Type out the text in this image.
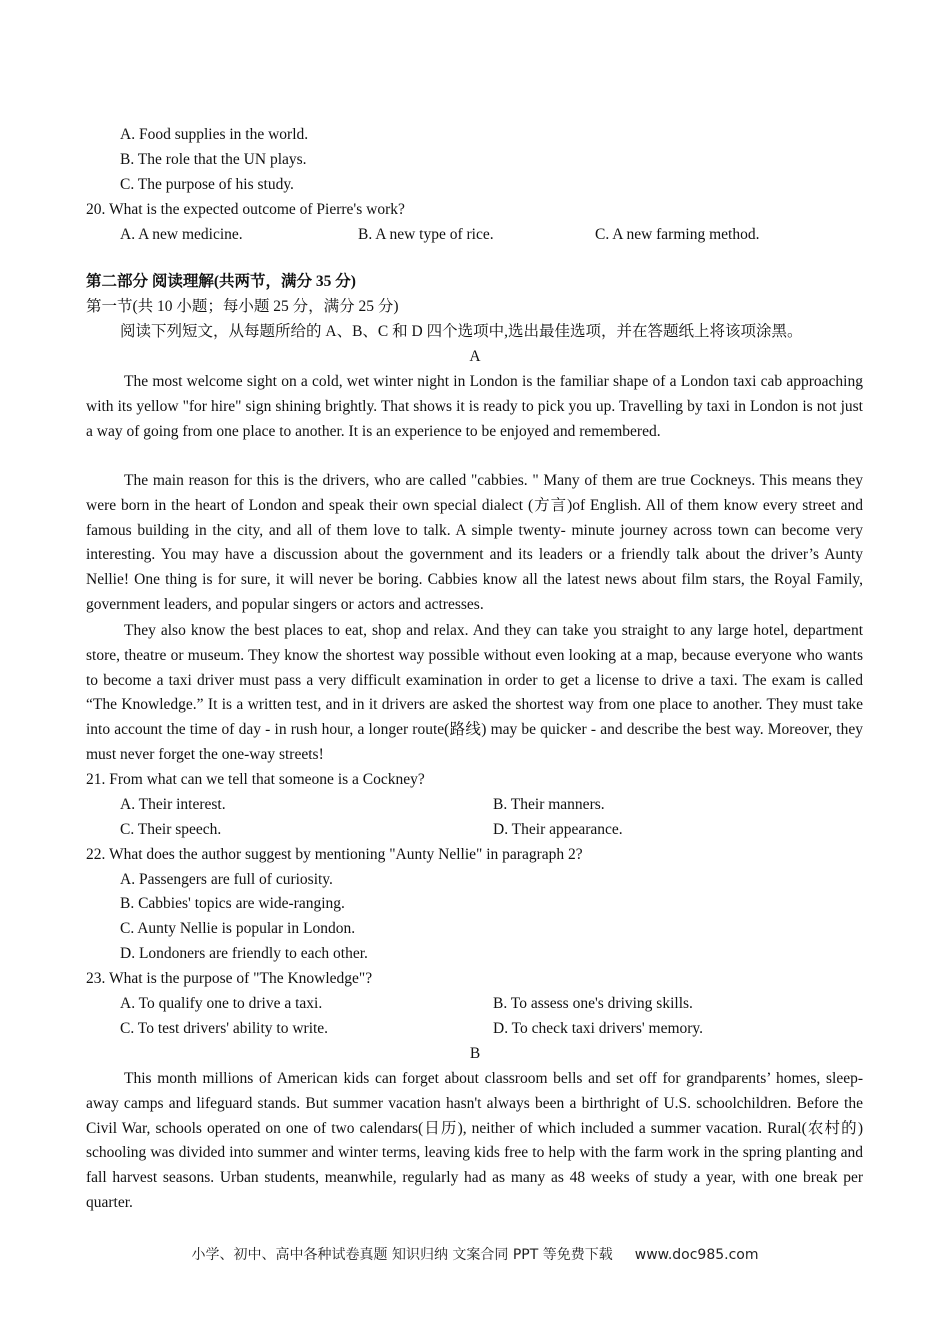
A. Food supplies in the world.
B. The role that the UN plays.
C. The purpose of his study.
20. What is the expected outcome of Pierre's work?
A. A new medicine.	B. A new type of rice.	C. A new farming method.
第二部分 阅读理解(共两节，满分 35 分)
第一节(共 10 小题；每小题 25 分，满分 25 分)
阅读下列短文，从每题所给的 A、B、C 和 D 四个选项中,选出最佳选项，并在答题纸上将该项涂黑。
A

The most welcome sight on a cold, wet winter night in London is the familiar shape of a London taxi cab approaching with its yellow "for hire" sign shining brightly. That shows it is ready to pick you up. Travelling by taxi in London is not just a way of going from one place to another. It is an experience to be enjoyed and remembered.

The main reason for this is the drivers, who are called "cabbies. " Many of them are true Cockneys. This means they were born in the heart of London and speak their own special dialect (方言)of English. All of them know every street and famous building in the city, and all of them love to talk. A simple twenty- minute journey across town can become very interesting. You may have a discussion about the government and its leaders or a friendly talk about the driver’s Aunty Nellie! One thing is for sure, it will never be boring. Cabbies know all the latest news about film stars, the Royal Family, government leaders, and popular singers or actors and actresses.

They also know the best places to eat, shop and relax. And they can take you straight to any large hotel, department store, theatre or museum. They know the shortest way possible without even looking at a map, because everyone who wants to become a taxi driver must pass a very difficult examination in order to get a license to drive a taxi. The exam is called “The Knowledge.” It is a written test, and in it drivers are asked the shortest way from one place to another. They must take into account the time of day - in rush hour, a longer route(路线) may be quicker - and describe the best way. Moreover, they must never forget the one-way streets!

21. From what can we tell that someone is a Cockney?
A. Their interest.	B. Their manners.
C. Their speech.	D. Their appearance.
22. What does the author suggest by mentioning "Aunty Nellie" in paragraph 2?
A. Passengers are full of curiosity.
B. Cabbies' topics are wide-ranging.
C. Aunty Nellie is popular in London.
D. Londoners are friendly to each other.
23. What is the purpose of "The Knowledge"?
A. To qualify one to drive a taxi.	B. To assess one's driving skills.
C. To test drivers' ability to write.	D. To check taxi drivers' memory.
B

This month millions of American kids can forget about classroom bells and set off for grandparents’ homes, sleep-away camps and lifeguard stands. But summer vacation hasn't always been a birthright of U.S. schoolchildren. Before the Civil War, schools operated on one of two calendars(日历), neither of which included a summer vacation. Rural(农村的) schooling was divided into summer and winter terms, leaving kids free to help with the farm work in the spring planting and fall harvest seasons. Urban students, meanwhile, regularly had as many as 48 weeks of study a year, with one break per quarter.

小学、初中、高中各种试卷真题 知识归纳 文案合同 PPT 等免费下载 www.doc985.com
